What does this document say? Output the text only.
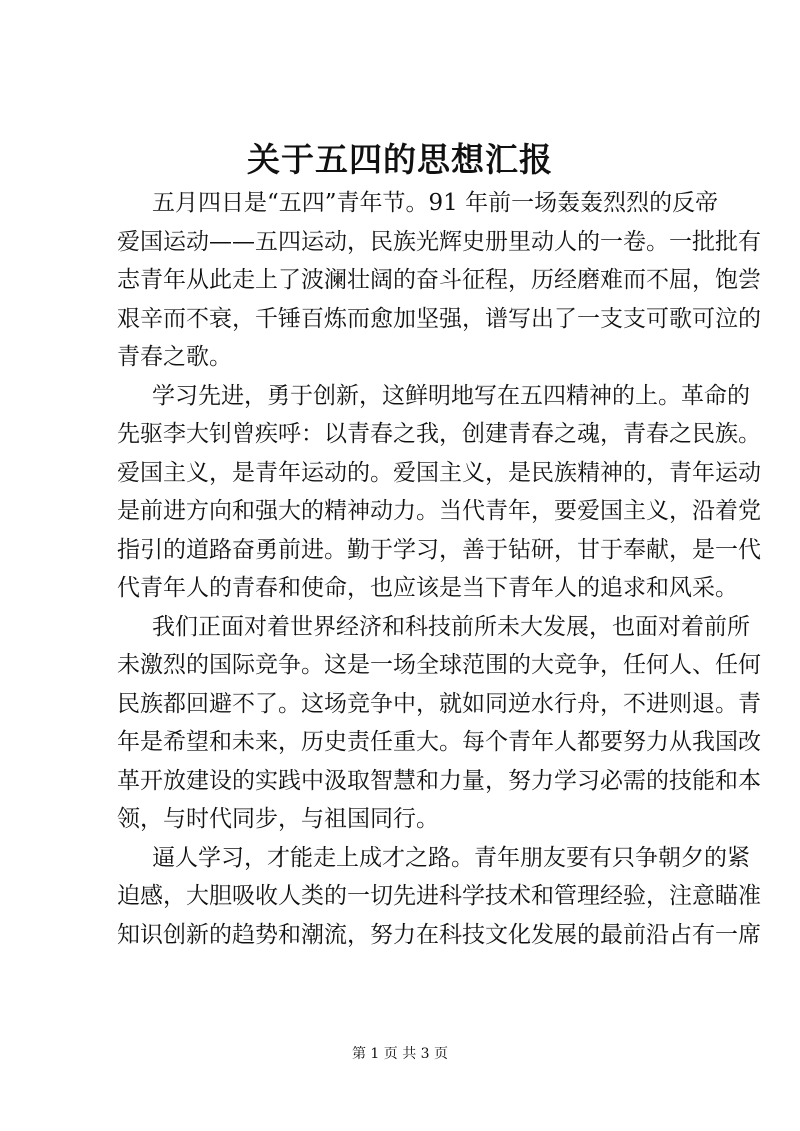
关于五四的思想汇报
五月四日是“五四”青年节。91 年前一场轰轰烈烈的反帝
爱国运动——五四运动，民族光辉史册里动人的一卷。一批批有
志青年从此走上了波澜壮阔的奋斗征程，历经磨难而不屈，饱尝
艰辛而不衰，千锤百炼而愈加坚强，谱写出了一支支可歌可泣的
青春之歌。
学习先进，勇于创新，这鲜明地写在五四精神的上。革命的
先驱李大钊曾疾呼：以青春之我，创建青春之魂，青春之民族。
爱国主义，是青年运动的。爱国主义，是民族精神的，青年运动
是前进方向和强大的精神动力。当代青年，要爱国主义，沿着党
指引的道路奋勇前进。勤于学习，善于钻研，甘于奉献，是一代
代青年人的青春和使命，也应该是当下青年人的追求和风采。
我们正面对着世界经济和科技前所未大发展，也面对着前所
未激烈的国际竞争。这是一场全球范围的大竞争，任何人、任何
民族都回避不了。这场竞争中，就如同逆水行舟，不进则退。青
年是希望和未来，历史责任重大。每个青年人都要努力从我国改
革开放建设的实践中汲取智慧和力量，努力学习必需的技能和本
领，与时代同步，与祖国同行。
逼人学习，才能走上成才之路。青年朋友要有只争朝夕的紧
迫感，大胆吸收人类的一切先进科学技术和管理经验，注意瞄准
知识创新的趋势和潮流，努力在科技文化发展的最前沿占有一席
第 1 页 共 3 页
